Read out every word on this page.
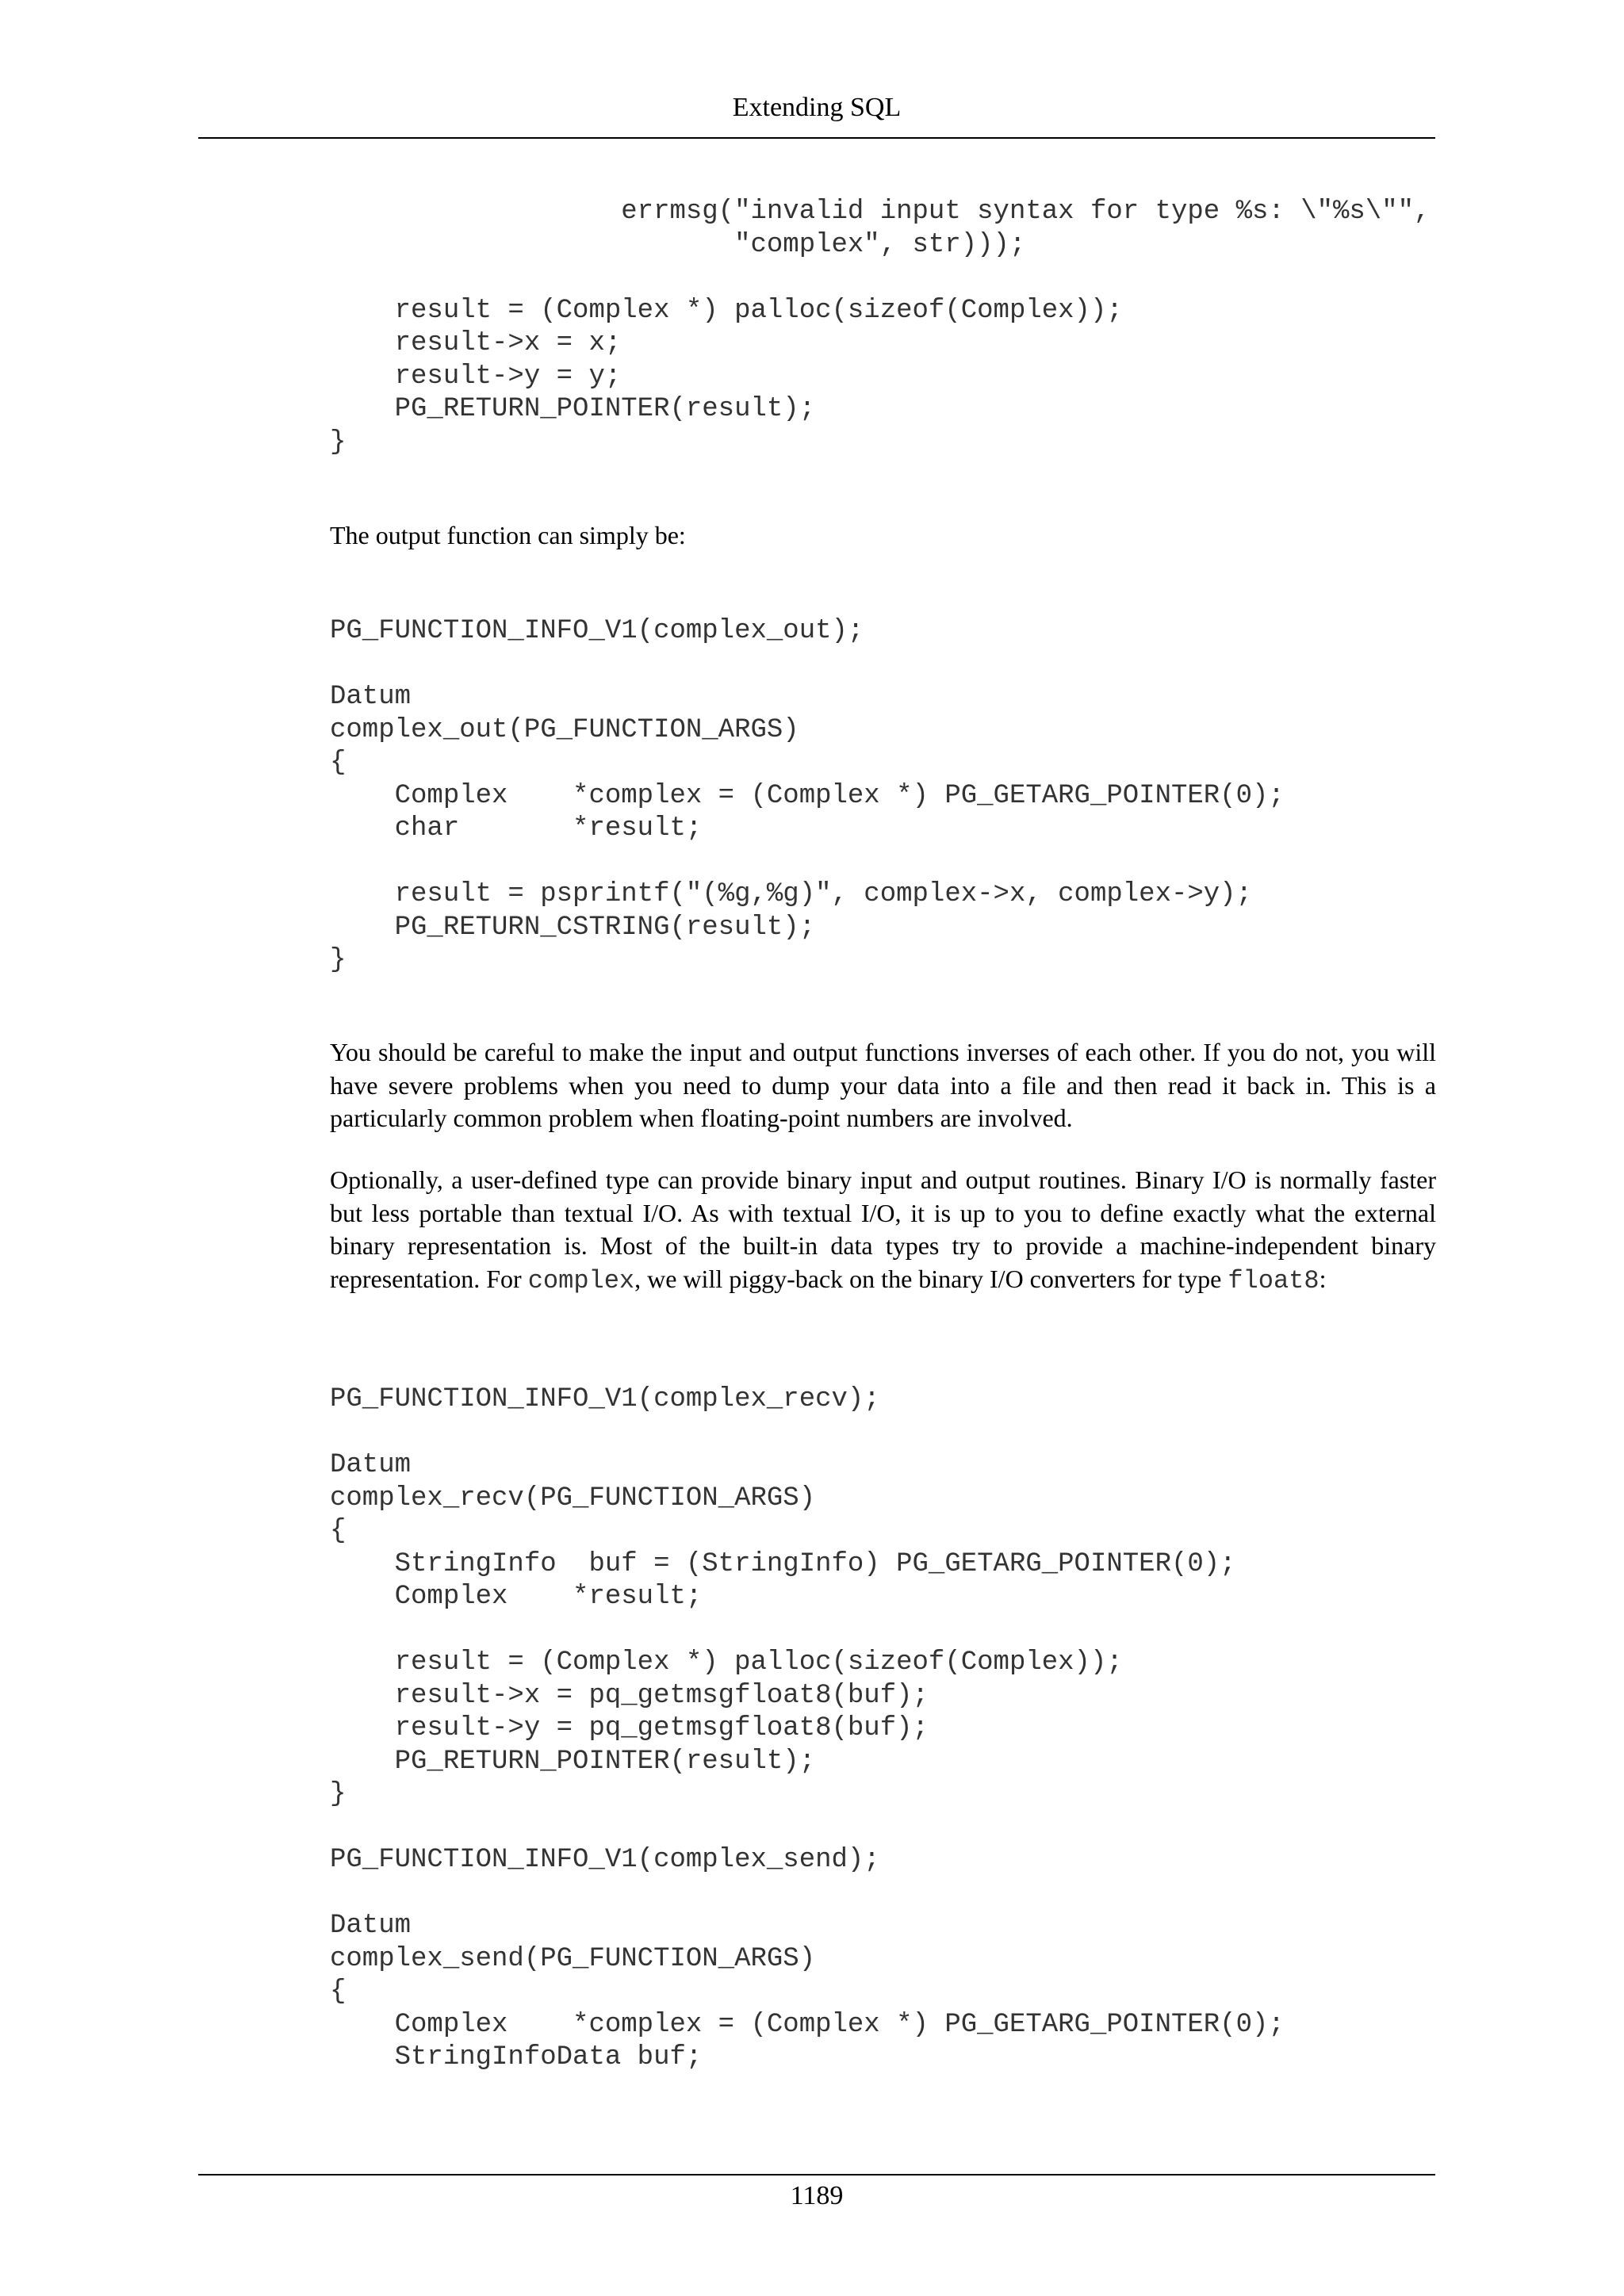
Extending SQL
errmsg("invalid input syntax for type %s: \"%s\"",
"complex", str)));

result = (Complex *) palloc(sizeof(Complex));
result->x = x;
result->y = y;
PG_RETURN_POINTER(result);
}

The output function can simply be:

PG_FUNCTION_INFO_V1(complex_out);

Datum
complex_out(PG_FUNCTION_ARGS)
{
Complex    *complex = (Complex *) PG_GETARG_POINTER(0);
char       *result;

result = psprintf("(%g,%g)", complex->x, complex->y);
PG_RETURN_CSTRING(result);
}

You should be careful to make the input and output functions inverses of each other. If you do not, you will have severe problems when you need to dump your data into a file and then read it back in. This is a particularly common problem when floating-point numbers are involved.

Optionally, a user-defined type can provide binary input and output routines. Binary I/O is normally faster but less portable than textual I/O. As with textual I/O, it is up to you to define exactly what the external binary representation is. Most of the built-in data types try to provide a machine-independent binary representation. For complex, we will piggy-back on the binary I/O converters for type float8:

PG_FUNCTION_INFO_V1(complex_recv);

Datum
complex_recv(PG_FUNCTION_ARGS)
{
StringInfo  buf = (StringInfo) PG_GETARG_POINTER(0);
Complex    *result;

result = (Complex *) palloc(sizeof(Complex));
result->x = pq_getmsgfloat8(buf);
result->y = pq_getmsgfloat8(buf);
PG_RETURN_POINTER(result);
}

PG_FUNCTION_INFO_V1(complex_send);

Datum
complex_send(PG_FUNCTION_ARGS)
{
Complex    *complex = (Complex *) PG_GETARG_POINTER(0);
StringInfoData buf;
1189
